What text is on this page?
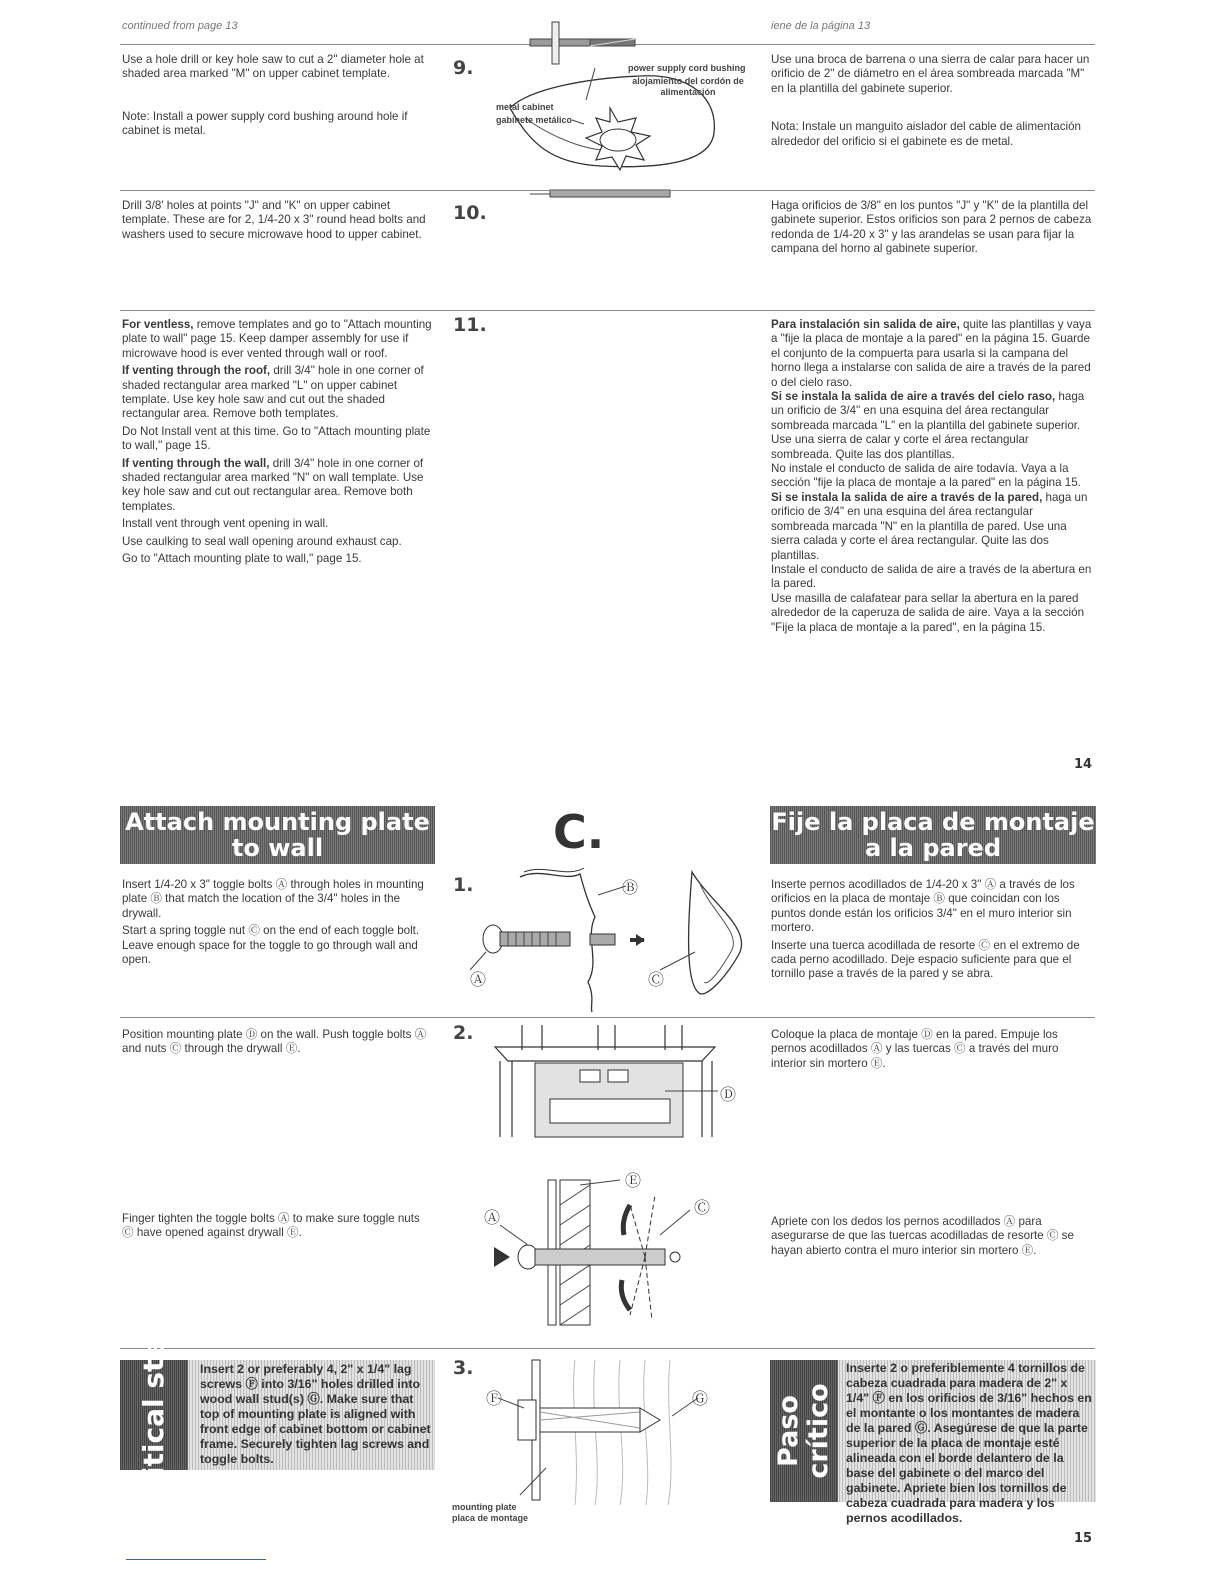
continued from page 13	iene de la página 13

Use a hole drill or key hole saw to cut a 2" diameter hole at shaded area marked "M" on upper cabinet template.

Note: Install a power supply cord bushing around hole if cabinet is metal.

9.	Use una broca de barrena o una sierra de calar para hacer un orificio de 2" de diámetro en el área sombreada marcada "M" en la plantilla del gabinete superior.

Nota: Instale un manguito aislador del cable de alimentación alrededor del orificio si el gabinete es de metal.

power supply cord bushing
alojamiento del cordón de alimentación
metal cabinet
gabinete metálico
Drill 3/8' holes at points "J" and "K" on upper cabinet template. These are for 2, 1/4-20 x 3" round head bolts and washers used to secure microwave hood to upper cabinet.
10.	Haga orificios de 3/8" en los puntos "J" y "K" de la plantilla del gabinete superior. Estos orificios son para 2 pernos de cabeza redonda de 1/4-20 x 3" y las arandelas se usan para fijar la campana del horno al gabinete superior.

For ventless, remove templates and go to "Attach mounting plate to wall" page 15. Keep damper assembly for use if microwave hood is ever vented through wall or roof.

If venting through the roof, drill 3/4" hole in one corner of shaded rectangular area marked "L" on upper cabinet template. Use key hole saw and cut out the shaded rectangular area. Remove both templates.

Do Not Install vent at this time. Go to "Attach mounting plate to wall," page 15.

If venting through the wall, drill 3/4" hole in one corner of shaded rectangular area marked "N" on wall template. Use key hole saw and cut out rectangular area. Remove both templates.

Install vent through vent opening in wall.

Use caulking to seal wall opening around exhaust cap.

Go to "Attach mounting plate to wall," page 15.

11.	Para instalación sin salida de aire, quite las plantillas y vaya a "fije la placa de montaje a la pared" en la página 15. Guarde el conjunto de la compuerta para usarla si la campana del horno llega a instalarse con salida de aire a través de la pared o del cielo raso.

Si se instala la salida de aire a través del cielo raso, haga un orificio de 3/4" en una esquina del área rectangular sombreada marcada "L" en la plantilla del gabinete superior. Use una sierra de calar y corte el área rectangular sombreada. Quite las dos plantillas.

No instale el conducto de salida de aire todavía. Vaya a la sección "fije la placa de montaje a la pared" en la página 15.

Si se instala la salida de aire a través de la pared, haga un orificio de 3/4" en una esquina del área rectangular sombreada marcada "N" en la plantilla de pared. Use una sierra calada y corte el área rectangular. Quite las dos plantillas.

Instale el conducto de salida de aire a través de la abertura en la pared.

Use masilla de calafatear para sellar la abertura en la pared alrededor de la caperuza de salida de aire. Vaya a la sección "Fije la placa de montaje a la pared", en la página 15.

14
Attach mounting plate to wall	C.	Fije la placa de montaje a la pared

Insert 1/4-20 x 3" toggle bolts Ⓐ through holes in mounting plate Ⓑ that match the location of the 3/4" holes in the drywall.

Start a spring toggle nut Ⓒ on the end of each toggle bolt. Leave enough space for the toggle to go through wall and open.

1.	Inserte pernos acodillados de 1/4-20 x 3" Ⓐ a través de los orificios en la placa de montaje Ⓑ que coincidan con los puntos donde están los orificios 3/4" en el muro interior sin mortero.

Inserte una tuerca acodillada de resorte Ⓒ en el extremo de cada perno acodillado. Deje espacio suficiente para que el tornillo pase a través de la pared y se abra.

Ⓑ
Ⓐ	Ⓒ
Position mounting plate Ⓓ on the wall. Push toggle bolts Ⓐ and nuts Ⓒ through the drywall Ⓔ.
2.	Coloque la placa de montaje Ⓓ en la pared. Empuje los pernos acodillados Ⓐ y las tuercas Ⓒ a través del muro interior sin mortero Ⓔ.
Ⓓ
Finger tighten the toggle bolts Ⓐ to make sure toggle nuts Ⓒ have opened against drywall Ⓔ.
Apriete con los dedos los pernos acodillados Ⓐ para asegurarse de que las tuercas acodilladas de resorte Ⓒ se hayan abierto contra el muro interior sin mortero Ⓔ.
Ⓔ
Ⓐ
Ⓒ
Critical step Insert 2 or preferably 4, 2" x 1/4" lag screws Ⓕ into 3/16" holes drilled into wood wall stud(s) Ⓖ. Make sure that top of mounting plate is aligned with front edge of cabinet bottom or cabinet frame. Securely tighten lag screws and toggle bolts.
3.
Ⓕ	Ⓖ
mounting plate
placa de montage
Paso crítico
Inserte 2 o preferiblemente 4 tornillos de cabeza cuadrada para madera de 2" x 1/4" Ⓕ en los orificios de 3/16" hechos en el montante o los montantes de madera de la pared Ⓖ. Asegúrese de que la parte superior de la placa de montaje esté alineada con el borde delantero de la base del gabinete o del marco del gabinete. Apriete bien los tornillos de cabeza cuadrada para madera y los pernos acodillados.
15
